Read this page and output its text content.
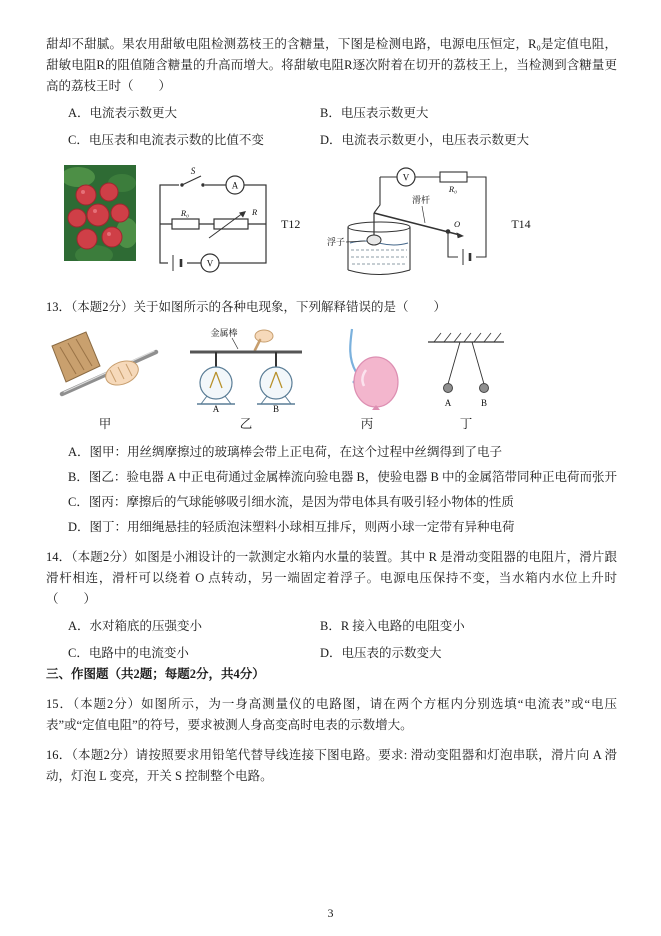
甜却不甜腻。果农用甜敏电阻检测荔枝王的含糖量，下图是检测电路，电源电压恒定，R₀是定值电阻，甜敏电阻R的阻值随含糖量的升高而增大。将甜敏电阻R逐次附着在切开的荔枝王上，当检测到含糖量更高的荔枝王时（　　）

A．电流表示数更大	B．电压表示数更大
C．电压表和电流表示数的比值不变	D．电流表示数更小，电压表示数更大
S
A
R₀	R
V
T12
V
R₀
O
滑杆
浮子
T14

13．（本题2分）关于如图所示的各种电现象，下列解释错误的是（　　）

甲
金属棒
A	B
乙	丙
A	B
丁

A．图甲：用丝绸摩擦过的玻璃棒会带上正电荷，在这个过程中丝绸得到了电子

B．图乙：验电器 A 中正电荷通过金属棒流向验电器 B，使验电器 B 中的金属箔带同种正电荷而张开

C．图丙：摩擦后的气球能够吸引细水流，是因为带电体具有吸引轻小物体的性质

D．图丁：用细绳悬挂的轻质泡沫塑料小球相互排斥，则两小球一定带有异种电荷

14．（本题2分）如图是小湘设计的一款测定水箱内水量的装置。其中 R 是滑动变阻器的电阻片，滑片跟滑杆相连，滑杆可以绕着 O 点转动，另一端固定着浮子。电源电压保持不变，当水箱内水位上升时（　　）

A．水对箱底的压强变小	B．R 接入电路的电阻变小
C．电路中的电流变小	D．电压表的示数变大

三、作图题（共2题；每题2分，共4分）

15．（本题2分）如图所示，为一身高测量仪的电路图，请在两个方框内分别选填“电流表”或“电压表”或“定值电阻”的符号，要求被测人身高变高时电表的示数增大。

16．（本题2分）请按照要求用铅笔代替导线连接下图电路。要求: 滑动变阻器和灯泡串联，滑片向 A 滑动，灯泡 L 变亮，开关 S 控制整个电路。

3
